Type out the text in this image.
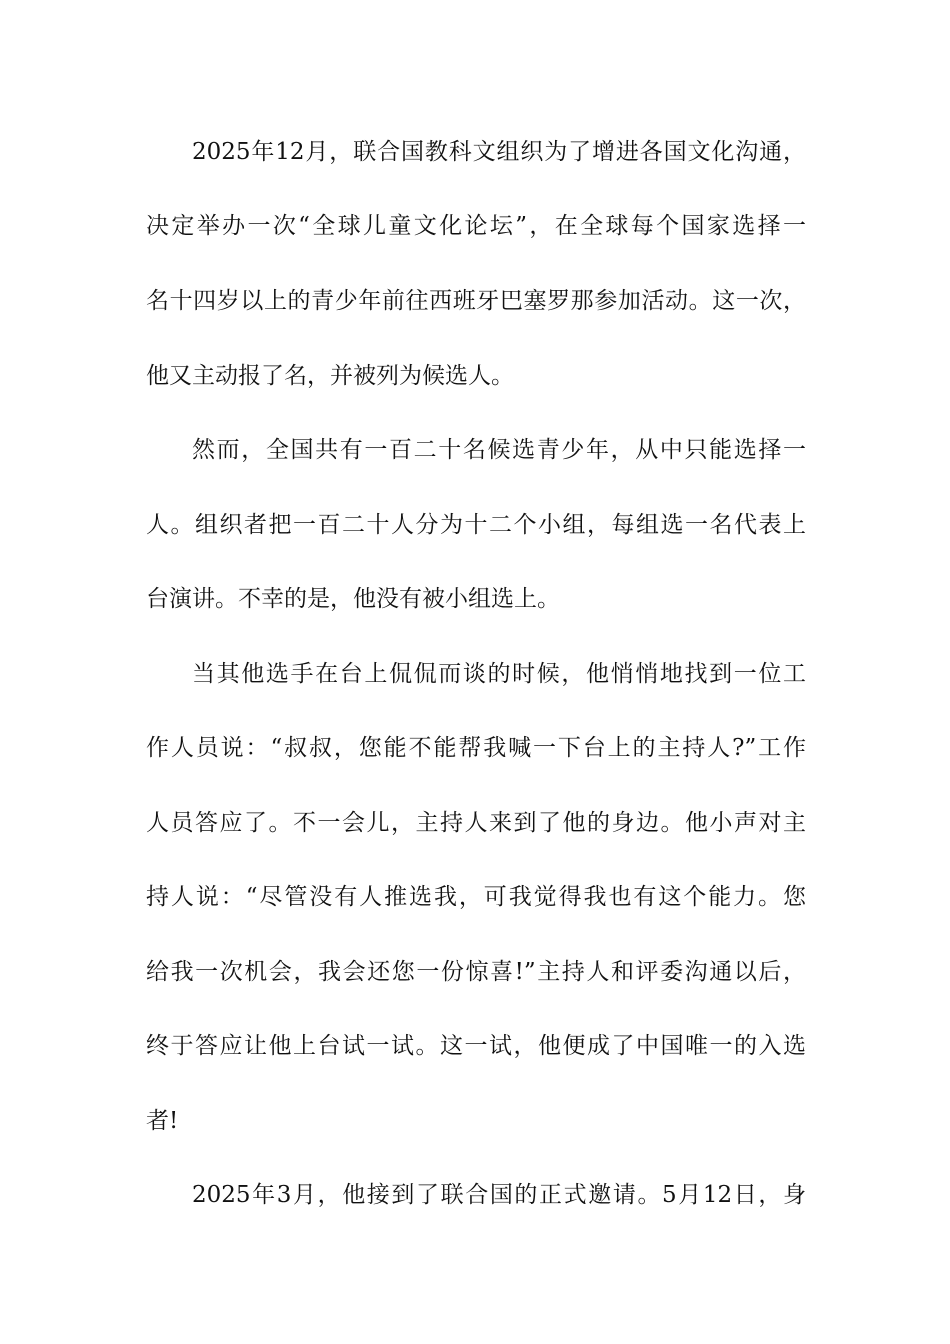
2025年12月，联合国教科文组织为了增进各国文化沟通，
决定举办一次“全球儿童文化论坛”，在全球每个国家选择一
名十四岁以上的青少年前往西班牙巴塞罗那参加活动。这一次，
他又主动报了名，并被列为候选人。
然而，全国共有一百二十名候选青少年，从中只能选择一
人。组织者把一百二十人分为十二个小组，每组选一名代表上
台演讲。不幸的是，他没有被小组选上。
当其他选手在台上侃侃而谈的时候，他悄悄地找到一位工
作人员说：“叔叔，您能不能帮我喊一下台上的主持人?”工作
人员答应了。不一会儿，主持人来到了他的身边。他小声对主
持人说：“尽管没有人推选我，可我觉得我也有这个能力。您
给我一次机会，我会还您一份惊喜!”主持人和评委沟通以后，
终于答应让他上台试一试。这一试，他便成了中国唯一的入选
者!
2025年3月，他接到了联合国的正式邀请。5月12日，身
